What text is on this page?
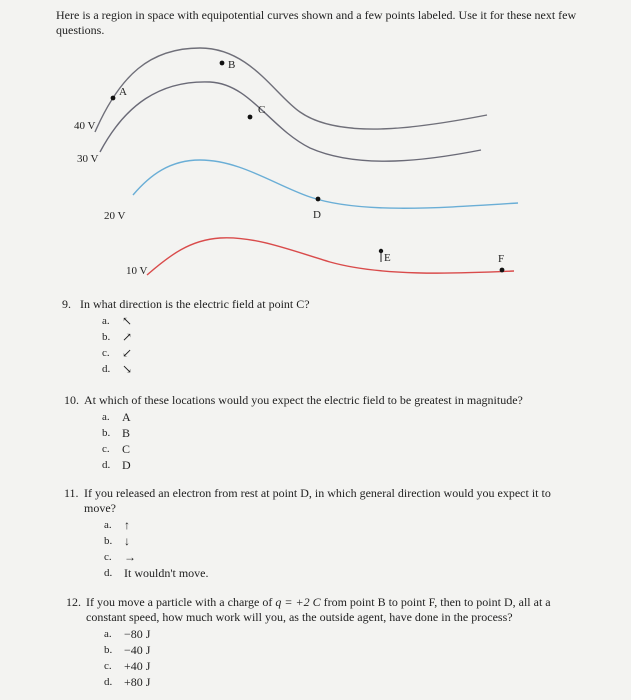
Here is a region in space with equipotential curves shown and a few points labeled. Use it for these next few questions.
40 V
30 V
20 V
10 V
A
B
C
D
E	F
9. In what direction is the electric field at point C?
a.	↖
b. ↗
c.	↙
d. ↘
10. At which of these locations would you expect the electric field to be greatest in magnitude?
a.	A
b. B
c.	C
d. D
11. If you released an electron from rest at point D, in which general direction would you expect it to move?
a.	↑
b. ↓
c.	→
d. It wouldn't move.
12. If you move a particle with a charge of q = +2 C from point B to point F, then to point D, all at a constant speed, how much work will you, as the outside agent, have done in the process?
a.	−80 J
b. −40 J
c.	+40 J
d. +80 J
